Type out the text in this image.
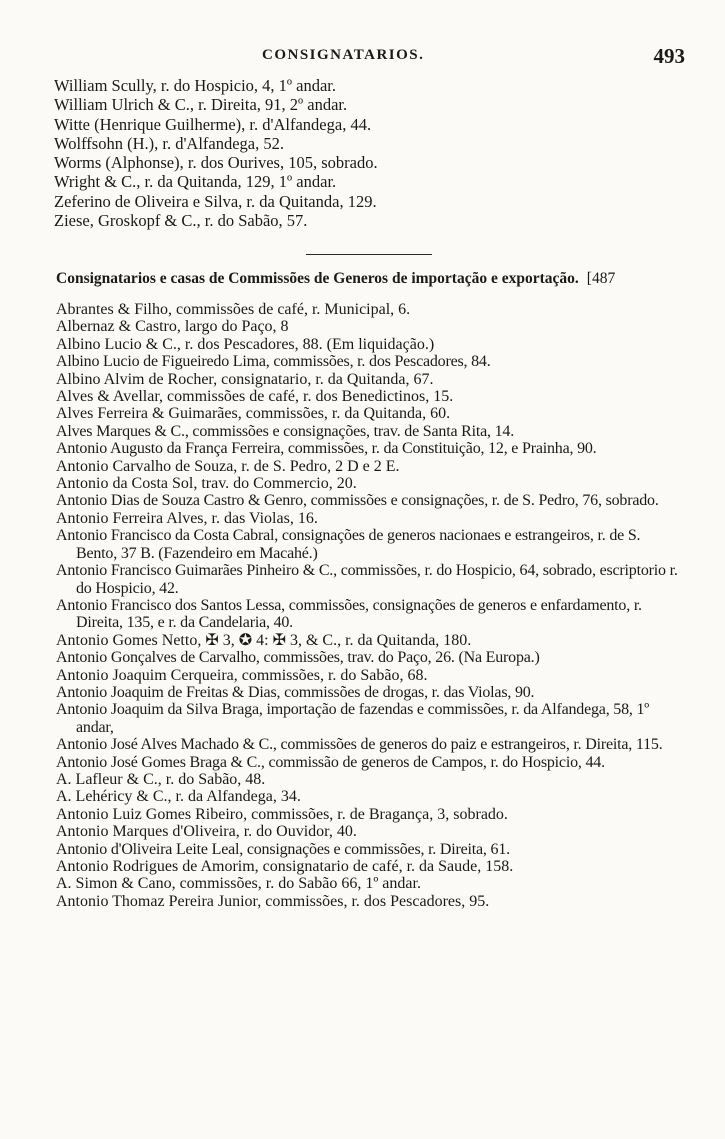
CONSIGNATARIOS.	493
William Scully, r. do Hospicio, 4, 1º andar.
William Ulrich & C., r. Direita, 91, 2º andar.
Witte (Henrique Guilherme), r. d'Alfandega, 44.
Wolffsohn (H.), r. d'Alfandega, 52.
Worms (Alphonse), r. dos Ourives, 105, sobrado.
Wright & C., r. da Quitanda, 129, 1º andar.
Zeferino de Oliveira e Silva, r. da Quitanda, 129.
Ziese, Groskopf & C., r. do Sabão, 57.
Consignatarios e casas de Commissões de Generos de importação e exportação. [487
Abrantes & Filho, commissões de café, r. Municipal, 6.
Albernaz & Castro, largo do Paço, 8
Albino Lucio & C., r. dos Pescadores, 88. (Em liquidação.)
Albino Lucio de Figueiredo Lima, commissões, r. dos Pescadores, 84.
Albino Alvim de Rocher, consignatario, r. da Quitanda, 67.
Alves & Avellar, commissões de café, r. dos Benedictinos, 15.
Alves Ferreira & Guimarães, commissões, r. da Quitanda, 60.
Alves Marques & C., commissões e consignações, trav. de Santa Rita, 14.
Antonio Augusto da França Ferreira, commissões, r. da Constituição, 12, e Prainha, 90.
Antonio Carvalho de Souza, r. de S. Pedro, 2 D e 2 E.
Antonio da Costa Sol, trav. do Commercio, 20.
Antonio Dias de Souza Castro & Genro, commissões e consignações, r. de S. Pedro, 76, sobrado.
Antonio Ferreira Alves, r. das Violas, 16.
Antonio Francisco da Costa Cabral, consignações de generos nacionaes e estrangeiros, r. de S. Bento, 37 B. (Fazendeiro em Macahé.)
Antonio Francisco Guimarães Pinheiro & C., commissões, r. do Hospicio, 64, sobrado, escriptorio r. do Hospicio, 42.
Antonio Francisco dos Santos Lessa, commissões, consignações de generos e enfardamento, r. Direita, 135, e r. da Candelaria, 40.
Antonio Gomes Netto, ✠ 3, ✪ 4: ✠ 3, & C., r. da Quitanda, 180.
Antonio Gonçalves de Carvalho, commissões, trav. do Paço, 26. (Na Europa.)
Antonio Joaquim Cerqueira, commissões, r. do Sabão, 68.
Antonio Joaquim de Freitas & Dias, commissões de drogas, r. das Violas, 90.
Antonio Joaquim da Silva Braga, importação de fazendas e commissões, r. da Alfandega, 58, 1º andar,
Antonio José Alves Machado & C., commissões de generos do paiz e estrangeiros, r. Direita, 115.
Antonio José Gomes Braga & C., commissão de generos de Campos, r. do Hospicio, 44.
A. Lafleur & C., r. do Sabão, 48.
A. Lehéricy & C., r. da Alfandega, 34.
Antonio Luiz Gomes Ribeiro, commissões, r. de Bragança, 3, sobrado.
Antonio Marques d'Oliveira, r. do Ouvidor, 40.
Antonio d'Oliveira Leite Leal, consignações e commissões, r. Direita, 61.
Antonio Rodrigues de Amorim, consignatario de café, r. da Saude, 158.
A. Simon & Cano, commissões, r. do Sabão 66, 1º andar.
Antonio Thomaz Pereira Junior, commissões, r. dos Pescadores, 95.
